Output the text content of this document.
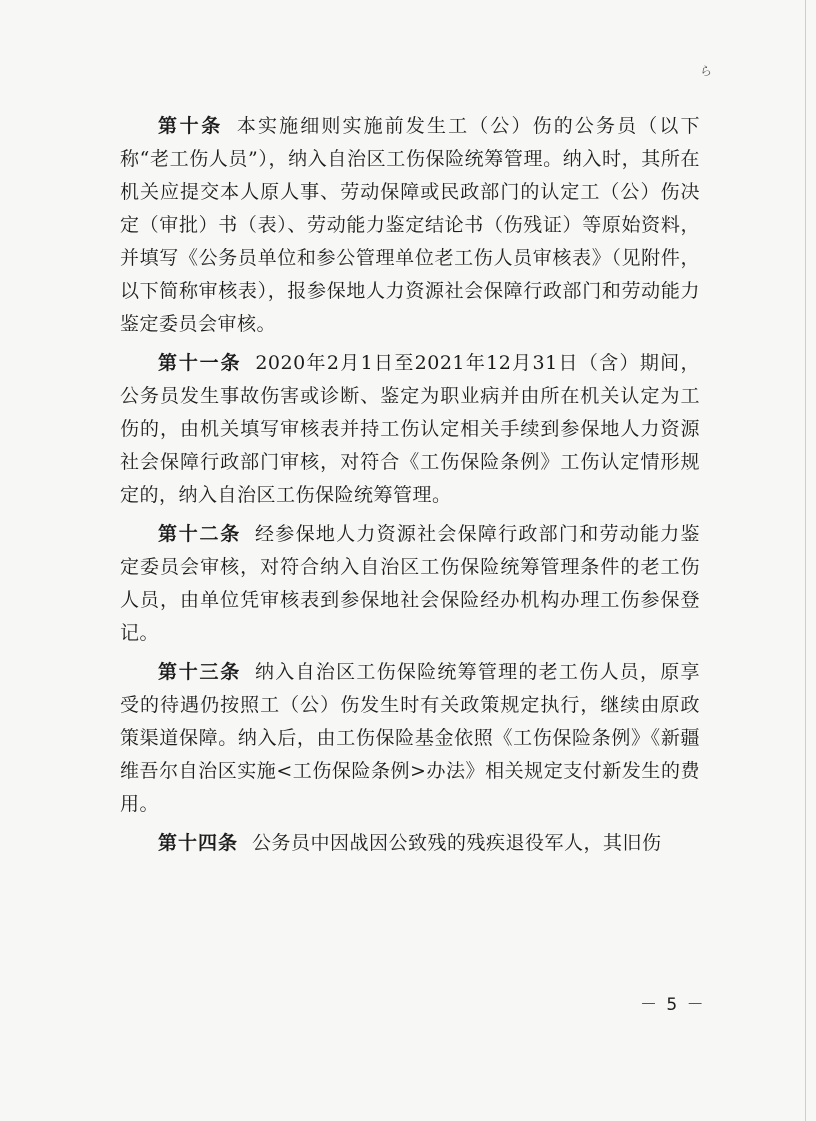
ら

第十条 本实施细则实施前发生工（公）伤的公务员（以下称“老工伤人员”），纳入自治区工伤保险统筹管理。纳入时，其所在机关应提交本人原人事、劳动保障或民政部门的认定工（公）伤决定（审批）书（表）、劳动能力鉴定结论书（伤残证）等原始资料，并填写《公务员单位和参公管理单位老工伤人员审核表》（见附件，以下简称审核表），报参保地人力资源社会保障行政部门和劳动能力鉴定委员会审核。

第十一条 2020年2月1日至2021年12月31日（含）期间，公务员发生事故伤害或诊断、鉴定为职业病并由所在机关认定为工伤的，由机关填写审核表并持工伤认定相关手续到参保地人力资源社会保障行政部门审核，对符合《工伤保险条例》工伤认定情形规定的，纳入自治区工伤保险统筹管理。

第十二条 经参保地人力资源社会保障行政部门和劳动能力鉴定委员会审核，对符合纳入自治区工伤保险统筹管理条件的老工伤人员，由单位凭审核表到参保地社会保险经办机构办理工伤参保登记。

第十三条 纳入自治区工伤保险统筹管理的老工伤人员，原享受的待遇仍按照工（公）伤发生时有关政策规定执行，继续由原政策渠道保障。纳入后，由工伤保险基金依照《工伤保险条例》《新疆维吾尔自治区实施<工伤保险条例>办法》相关规定支付新发生的费用。

第十四条 公务员中因战因公致残的残疾退役军人，其旧伤

－ 5 －
